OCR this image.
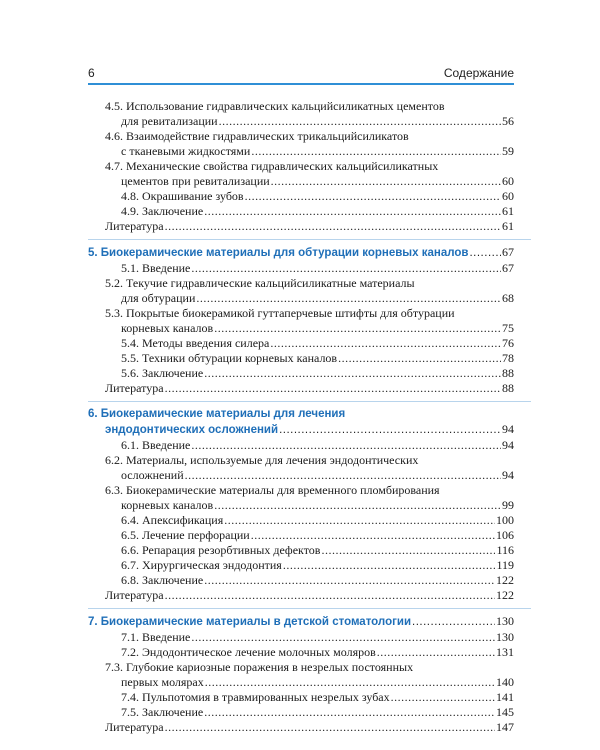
6	Содержание
4.5. Использование гидравлических кальцийсиликатных цементов
для ревитализации .....	56
4.6. Взаимодействие гидравлических трикальцийсиликатов
с тканевыми жидкостями .....	59
4.7. Механические свойства гидравлических кальцийсиликатных
цементов при ревитализации .....	60
4.8. Окрашивание зубов .....	60
4.9. Заключение .....	61
Литература .....	61
5. Биокерамические материалы для обтурации корневых каналов .....	67
5.1. Введение .....	67
5.2. Текучие гидравлические кальцийсиликатные материалы
для обтурации .....	68
5.3. Покрытые биокерамикой гуттаперчевые штифты для обтурации
корневых каналов .....	75
5.4. Методы введения силера .....	76
5.5. Техники обтурации корневых каналов .....	78
5.6. Заключение .....	88
Литература .....	88
6. Биокерамические материалы для лечения
эндодонтических осложнений .....	94
6.1. Введение .....	94
6.2. Материалы, используемые для лечения эндодонтических
осложнений .....	94
6.3. Биокерамические материалы для временного пломбирования
корневых каналов .....	99
6.4. Апексификация .....	100
6.5. Лечение перфорации .....	106
6.6. Репарация резорбтивных дефектов .....	116
6.7. Хирургическая эндодонтия .....	119
6.8. Заключение .....	122
Литература .....	122
7. Биокерамические материалы в детской стоматологии .....	130
7.1. Введение .....	130
7.2. Эндодонтическое лечение молочных моляров .....	131
7.3. Глубокие кариозные поражения в незрелых постоянных
первых молярах .....	140
7.4. Пульпотомия в травмированных незрелых зубах .....	141
7.5. Заключение .....	145
Литература .....	147
